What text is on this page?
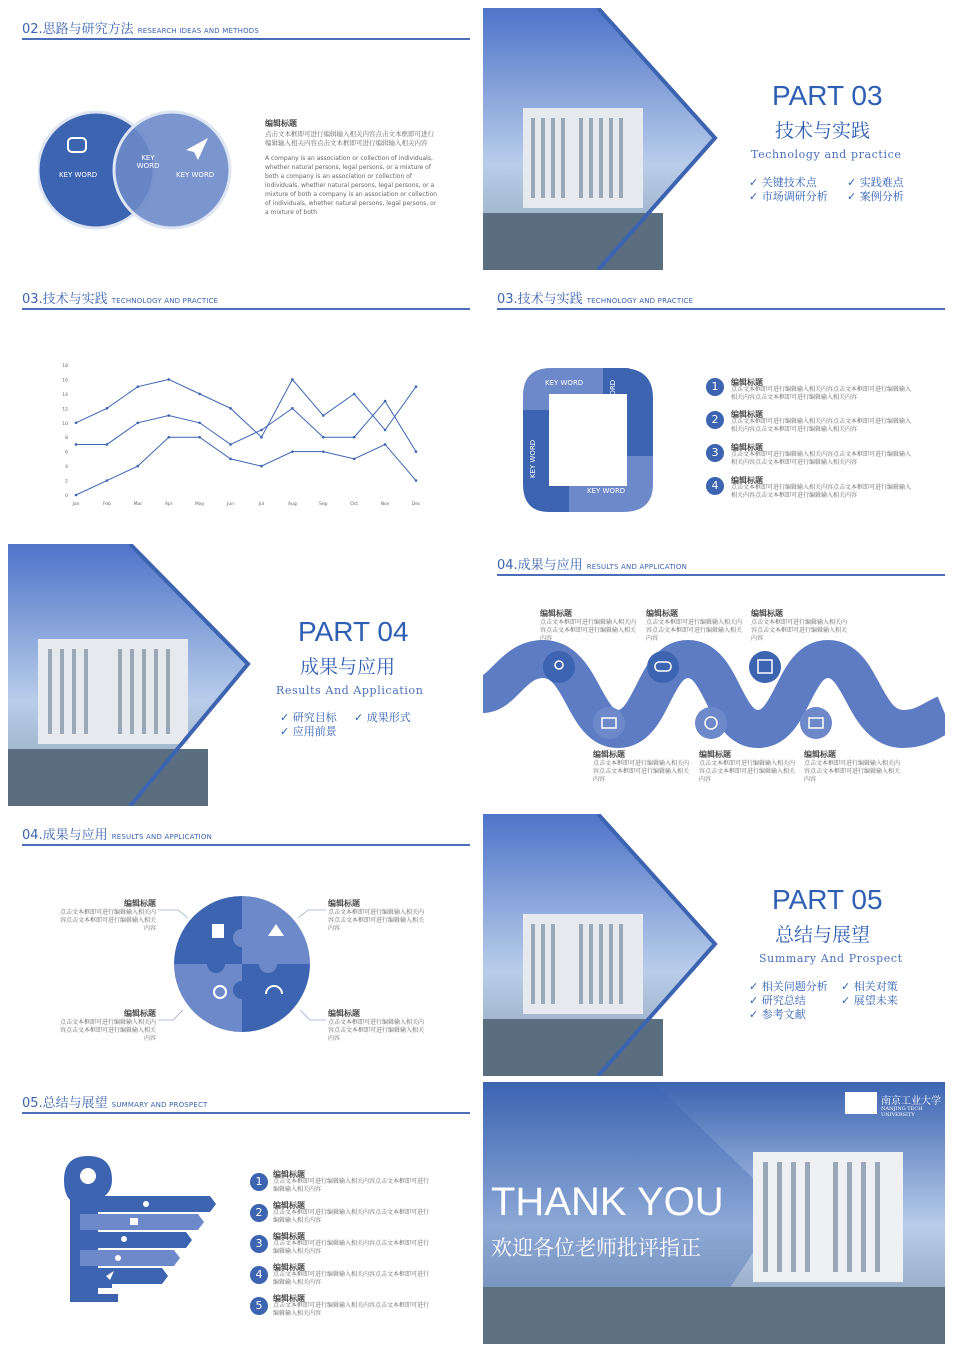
02.思路与研究方法 RESEARCH IDEAS AND METHODS
KEY WORD
KEY
WORD
KEY WORD
编辑标题
点击文本框即可进行编辑输入相关内容点击文本框即可进行编辑输入相关内容点击文本框即可进行编辑输入相关内容
A company is an association or collection of individuals, whether natural persons, legal persons, or a mixture of both a company is an association or collection of individuals, whether natural persons, legal persons, or a mixture of both a company is an association or collection of individuals, whether natural persons, legal persons, or a mixture of both
PART 03
技术与实践
Technology and practice
✓ 关键技术点	✓ 实践难点
✓ 市场调研分析 ✓ 案例分析
03.技术与实践 TECHNOLOGY AND PRACTICE
0
2
4
6
8
10
12
14
16
18
Jan	Feb	Mar	Apr	May	Jun	Jul	Aug	Sep	Oct	Nov	Dec
03.技术与实践 TECHNOLOGY AND PRACTICE
KEY WORD	KEY WORD
KEY WORD
KEY WORD
1	编辑标题
点击文本框即可进行编辑输入相关内容点击文本框即可进行编辑输入相关内容点击文本框即可进行编辑输入相关内容
2	编辑标题
点击文本框即可进行编辑输入相关内容点击文本框即可进行编辑输入相关内容点击文本框即可进行编辑输入相关内容
3	编辑标题
点击文本框即可进行编辑输入相关内容点击文本框即可进行编辑输入相关内容点击文本框即可进行编辑输入相关内容
4	编辑标题
点击文本框即可进行编辑输入相关内容点击文本框即可进行编辑输入相关内容点击文本框即可进行编辑输入相关内容
PART 04
成果与应用
Results And Application
✓ 研究目标 ✓ 成果形式
✓ 应用前景
04.成果与应用 RESULTS AND APPLICATION
编辑标题
点击文本框即可进行编辑输入相关内容点击文本框即可进行编辑输入相关内容
编辑标题
点击文本框即可进行编辑输入相关内容点击文本框即可进行编辑输入相关内容
编辑标题
点击文本框即可进行编辑输入相关内容点击文本框即可进行编辑输入相关内容
编辑标题
点击文本框即可进行编辑输入相关内容点击文本框即可进行编辑输入相关内容
编辑标题
点击文本框即可进行编辑输入相关内容点击文本框即可进行编辑输入相关内容
编辑标题
点击文本框即可进行编辑输入相关内容点击文本框即可进行编辑输入相关内容
04.成果与应用 RESULTS AND APPLICATION
编辑标题
点击文本框即可进行编辑输入相关内容点击文本框即可进行编辑输入相关内容
编辑标题
点击文本框即可进行编辑输入相关内容点击文本框即可进行编辑输入相关内容
编辑标题
点击文本框即可进行编辑输入相关内容点击文本框即可进行编辑输入相关内容
编辑标题
点击文本框即可进行编辑输入相关内容点击文本框即可进行编辑输入相关内容
PART 05
总结与展望
Summary And Prospect
✓ 相关问题分析 ✓ 相关对策
✓ 研究总结	✓ 展望未来
✓ 参考文献
05.总结与展望 SUMMARY AND PROSPECT
1
编辑标题
点击文本框即可进行编辑输入相关内容点击文本框即可进行编辑输入相关内容
2
编辑标题
点击文本框即可进行编辑输入相关内容点击文本框即可进行编辑输入相关内容
3
编辑标题
点击文本框即可进行编辑输入相关内容点击文本框即可进行编辑输入相关内容
4
编辑标题
点击文本框即可进行编辑输入相关内容点击文本框即可进行编辑输入相关内容
5
编辑标题
点击文本框即可进行编辑输入相关内容点击文本框即可进行编辑输入相关内容
南京工业大学
NANJING TECH UNIVERSITY
THANK YOU
欢迎各位老师批评指正
